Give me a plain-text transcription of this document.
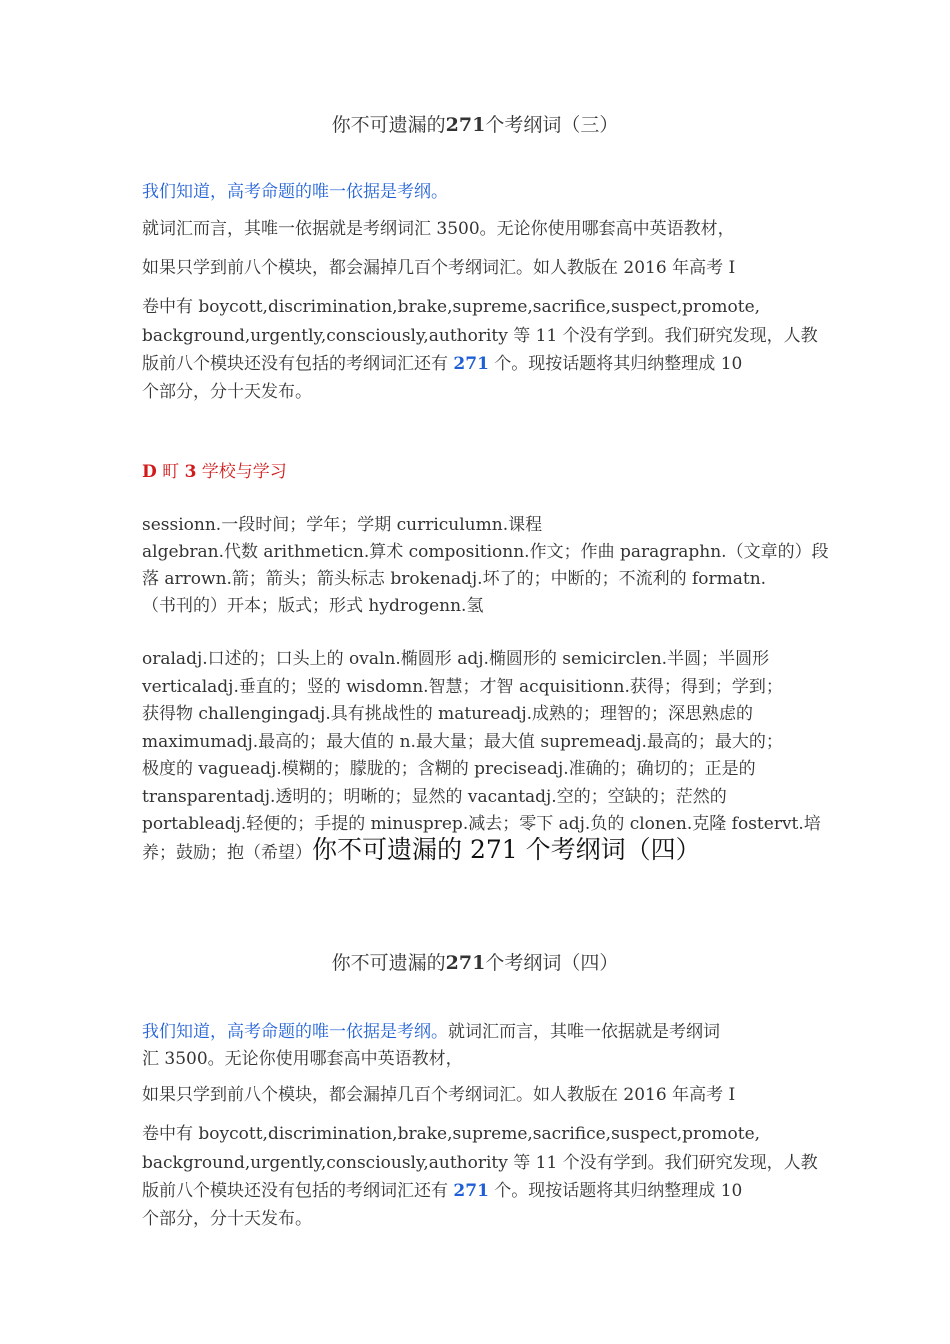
你不可遗漏的271个考纲词（三）
我们知道，高考命题的唯一依据是考纲。
就词汇而言，其唯一依据就是考纲词汇 3500。无论你使用哪套高中英语教材，
如果只学到前八个模块，都会漏掉几百个考纲词汇。如人教版在 2016 年高考 I
卷中有 boycott,discrimination,brake,supreme,sacrifice,suspect,promote,
background,urgently,consciously,authority 等 11 个没有学到。我们研究发现，人教
版前八个模块还没有包括的考纲词汇还有 271 个。现按话题将其归纳整理成 10
个部分，分十天发布。
D 町 3 学校与学习
sessionn.一段时间；学年；学期 curriculumn.课程
algebran.代数 arithmeticn.算术 compositionn.作文；作曲 paragraphn.（文章的）段
落 arrown.箭；箭头；箭头标志 brokenadj.坏了的；中断的；不流利的 formatn.
（书刊的）开本；版式；形式 hydrogenn.氢
oraladj.口述的；口头上的 ovaln.椭圆形 adj.椭圆形的 semicirclen.半圆；半圆形
verticaladj.垂直的；竖的 wisdomn.智慧；才智 acquisitionn.获得；得到；学到；
获得物 challengingadj.具有挑战性的 matureadj.成熟的；理智的；深思熟虑的
maximumadj.最高的；最大值的 n.最大量；最大值 supremeadj.最高的；最大的；
极度的 vagueadj.模糊的；朦胧的；含糊的 preciseadj.准确的；确切的；正是的
transparentadj.透明的；明晰的；显然的 vacantadj.空的；空缺的；茫然的
portableadj.轻便的；手提的 minusprep.减去；零下 adj.负的 clonen.克隆 fostervt.培
养；鼓励；抱（希望）你不可遗漏的 271 个考纲词（四）
你不可遗漏的271个考纲词（四）
我们知道，高考命题的唯一依据是考纲。就词汇而言，其唯一依据就是考纲词
汇 3500。无论你使用哪套高中英语教材，
如果只学到前八个模块，都会漏掉几百个考纲词汇。如人教版在 2016 年高考 I
卷中有 boycott,discrimination,brake,supreme,sacrifice,suspect,promote,
background,urgently,consciously,authority 等 11 个没有学到。我们研究发现，人教
版前八个模块还没有包括的考纲词汇还有 271 个。现按话题将其归纳整理成 10
个部分，分十天发布。
